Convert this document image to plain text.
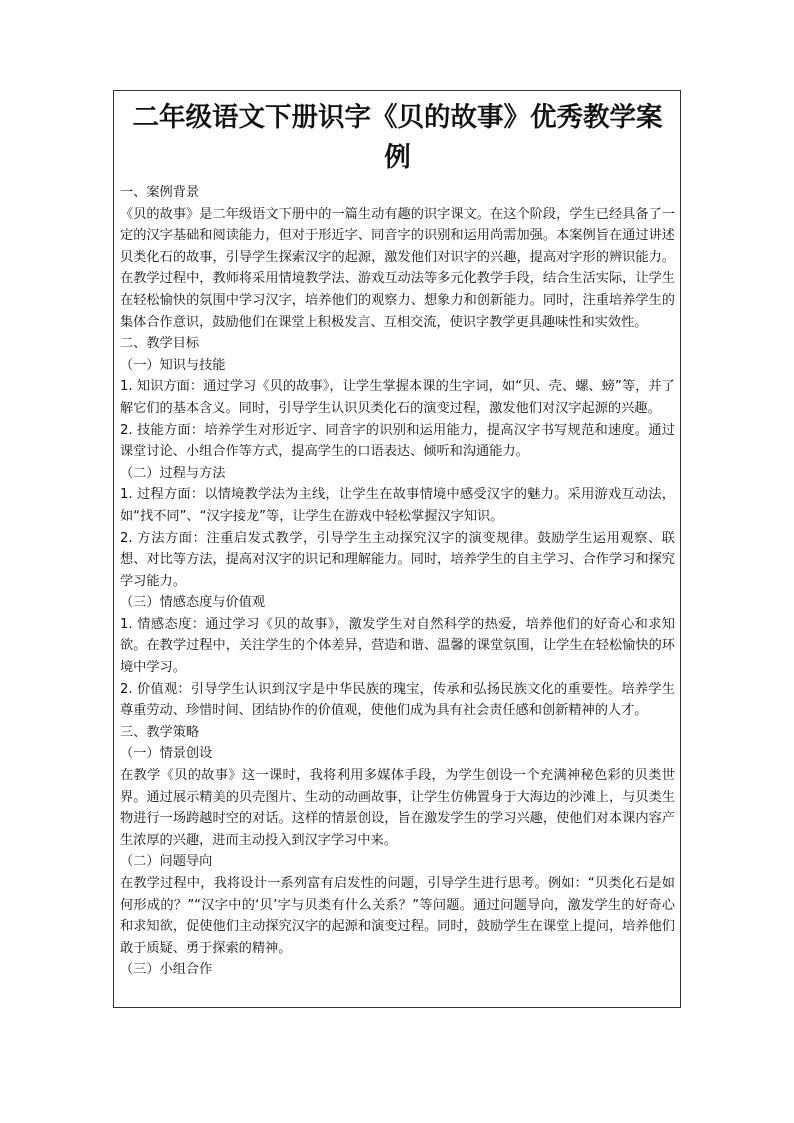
二年级语文下册识字《贝的故事》优秀教学案例
一、案例背景
《贝的故事》是二年级语文下册中的一篇生动有趣的识字课文。在这个阶段，学生已经具备了一定的汉字基础和阅读能力，但对于形近字、同音字的识别和运用尚需加强。本案例旨在通过讲述贝类化石的故事，引导学生探索汉字的起源，激发他们对识字的兴趣，提高对字形的辨识能力。在教学过程中，教师将采用情境教学法、游戏互动法等多元化教学手段，结合生活实际，让学生在轻松愉快的氛围中学习汉字，培养他们的观察力、想象力和创新能力。同时，注重培养学生的集体合作意识，鼓励他们在课堂上积极发言、互相交流，使识字教学更具趣味性和实效性。
二、教学目标
（一）知识与技能
1. 知识方面：通过学习《贝的故事》，让学生掌握本课的生字词，如“贝、壳、螺、螃”等，并了解它们的基本含义。同时，引导学生认识贝类化石的演变过程，激发他们对汉字起源的兴趣。
2. 技能方面：培养学生对形近字、同音字的识别和运用能力，提高汉字书写规范和速度。通过课堂讨论、小组合作等方式，提高学生的口语表达、倾听和沟通能力。
（二）过程与方法
1. 过程方面：以情境教学法为主线，让学生在故事情境中感受汉字的魅力。采用游戏互动法，如“找不同”、“汉字接龙”等，让学生在游戏中轻松掌握汉字知识。
2. 方法方面：注重启发式教学，引导学生主动探究汉字的演变规律。鼓励学生运用观察、联想、对比等方法，提高对汉字的识记和理解能力。同时，培养学生的自主学习、合作学习和探究学习能力。
（三）情感态度与价值观
1. 情感态度：通过学习《贝的故事》，激发学生对自然科学的热爱，培养他们的好奇心和求知欲。在教学过程中，关注学生的个体差异，营造和谐、温馨的课堂氛围，让学生在轻松愉快的环境中学习。
2. 价值观：引导学生认识到汉字是中华民族的瑰宝，传承和弘扬民族文化的重要性。培养学生尊重劳动、珍惜时间、团结协作的价值观，使他们成为具有社会责任感和创新精神的人才。
三、教学策略
（一）情景创设
在教学《贝的故事》这一课时，我将利用多媒体手段，为学生创设一个充满神秘色彩的贝类世界。通过展示精美的贝壳图片、生动的动画故事，让学生仿佛置身于大海边的沙滩上，与贝类生物进行一场跨越时空的对话。这样的情景创设，旨在激发学生的学习兴趣，使他们对本课内容产生浓厚的兴趣，进而主动投入到汉字学习中来。
（二）问题导向
在教学过程中，我将设计一系列富有启发性的问题，引导学生进行思考。例如：“贝类化石是如何形成的？”“汉字中的‘贝’字与贝类有什么关系？”等问题。通过问题导向，激发学生的好奇心和求知欲，促使他们主动探究汉字的起源和演变过程。同时，鼓励学生在课堂上提问，培养他们敢于质疑、勇于探索的精神。
（三）小组合作
